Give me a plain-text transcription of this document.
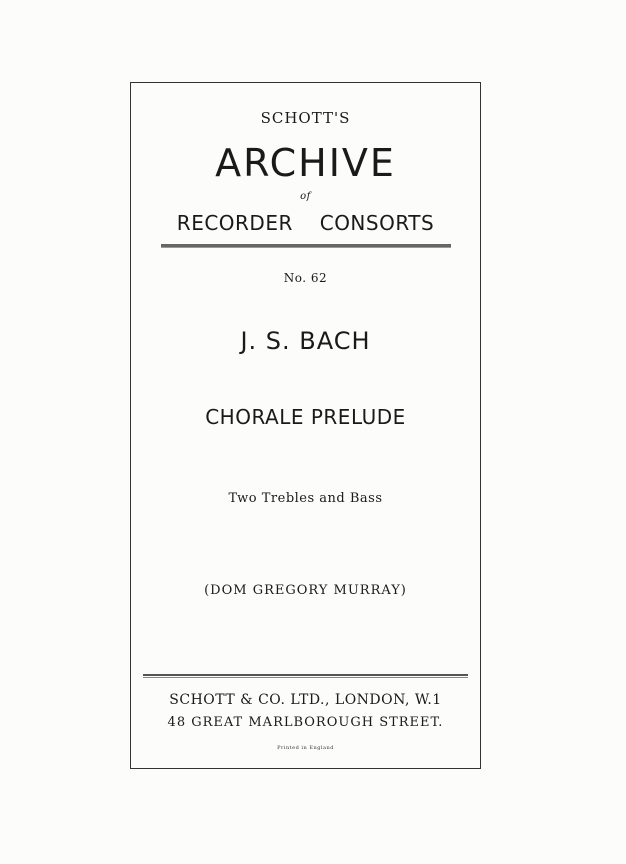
SCHOTT'S
ARCHIVE
of
RECORDER CONSORTS
No. 62
J. S. BACH
CHORALE PRELUDE
Two Trebles and Bass
(DOM GREGORY MURRAY)
SCHOTT & CO. LTD., LONDON, W.1
48 GREAT MARLBOROUGH STREET.
Printed in England
